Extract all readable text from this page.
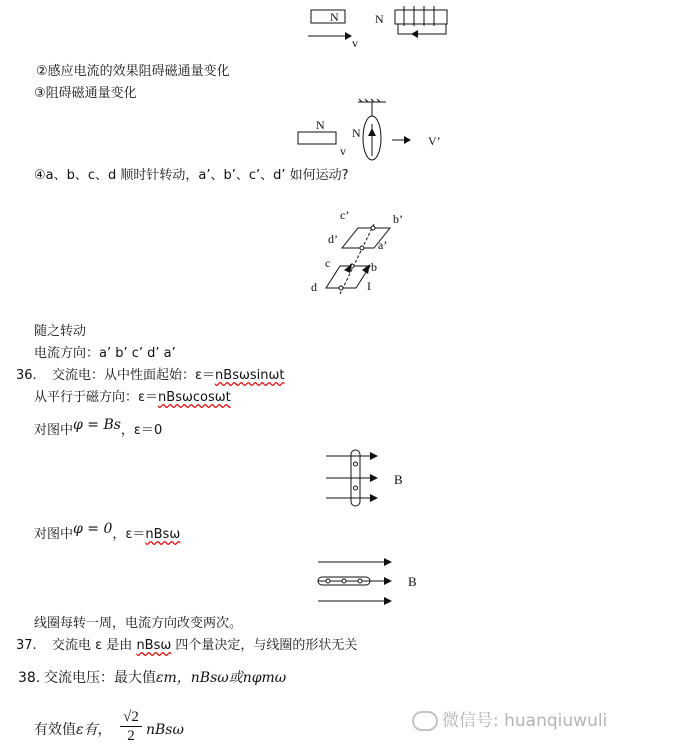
N	N
v
②感应电流的效果阻碍磁通量变化
③阻碍磁通量变化
N
N
v
V’
④a、b、c、d 顺时针转动，a’、b’、c’、d’ 如何运动?
c’	b’
d’	a’
c	b
d	I
随之转动
电流方向：a’ b’ c’ d’ a’
36. 交流电：从中性面起始：ε＝nBsωsinωt
从平行于磁方向：ε＝nBsωcosωt
对图中φ = Bs，ε＝0
B
对图中φ = 0，ε＝nBsω
B
线圈每转一周，电流方向改变两次。
37. 交流电 ε 是由 nBsω 四个量决定，与线圈的形状无关
38. 交流电压：最大值εm，nBsω或nφmω
有效值ε有， $\frac{√2}{2}$ nBsω	微信号: huanqiuwuli
